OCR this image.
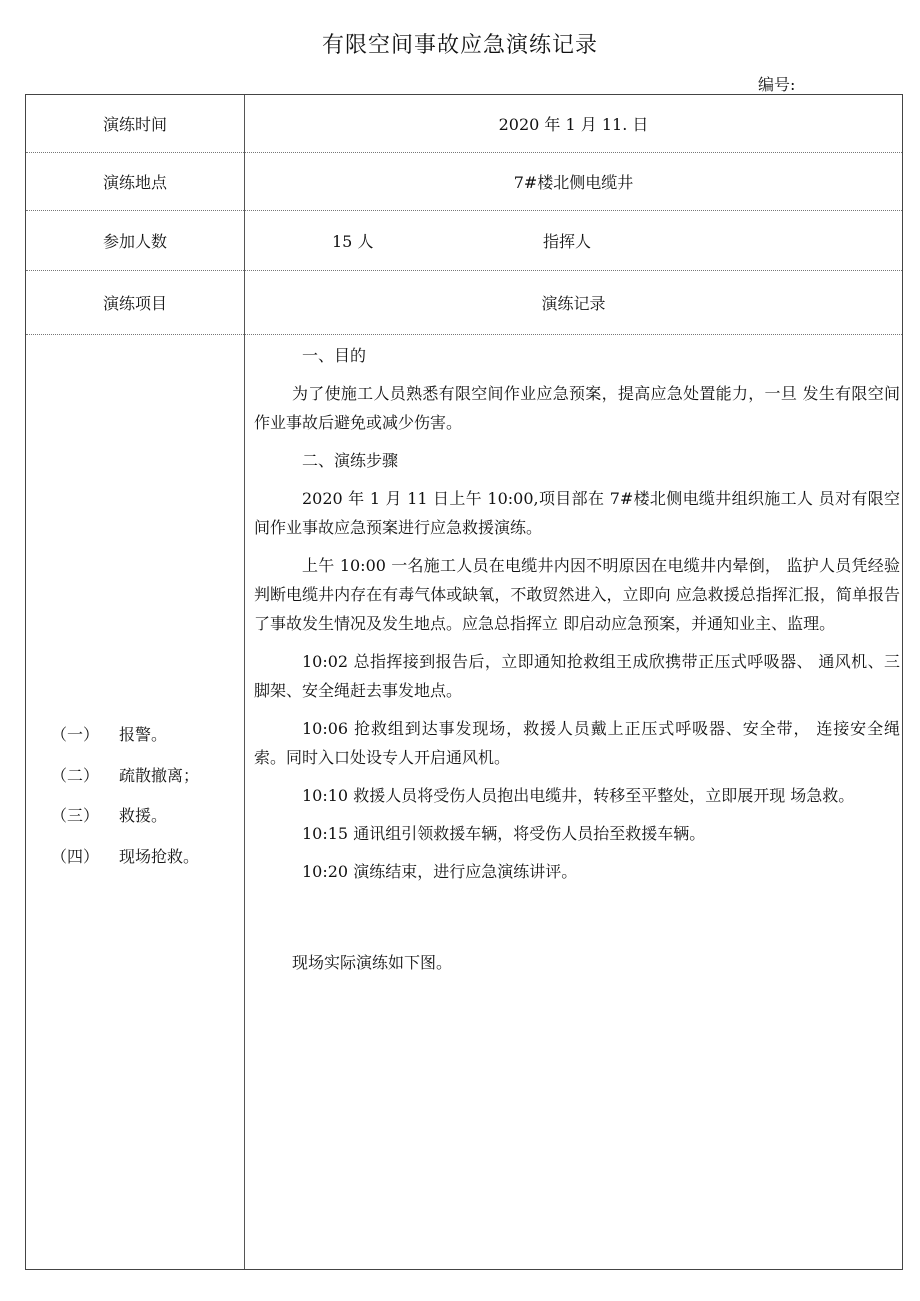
有限空间事故应急演练记录
编号:
演练时间	2020 年 1 月 11. 日
演练地点	7#楼北侧电缆井
参加人数	15 人	指挥人
演练项目	演练记录
（一）	报警。
（二）	疏散撤离；
（三）	救援。
（四）	现场抢救。

一、目的

为了使施工人员熟悉有限空间作业应急预案，提高应急处置能力，一旦 发生有限空间作业事故后避免或减少伤害。

二、演练步骤

2020 年 1 月 11 日上午 10:00,项目部在 7#楼北侧电缆井组织施工人 员对有限空间作业事故应急预案进行应急救援演练。

上午 10:00 一名施工人员在电缆井内因不明原因在电缆井内晕倒， 监护人员凭经验判断电缆井内存在有毒气体或缺氧，不敢贸然进入，立即向 应急救援总指挥汇报，简单报告了事故发生情况及发生地点。应急总指挥立 即启动应急预案，并通知业主、监理。

10:02 总指挥接到报告后，立即通知抢救组王成欣携带正压式呼吸器、 通风机、三脚架、安全绳赶去事发地点。

10:06 抢救组到达事发现场，救援人员戴上正压式呼吸器、安全带， 连接安全绳索。同时入口处设专人开启通风机。

10:10 救援人员将受伤人员抱出电缆井，转移至平整处，立即展开现 场急救。

10:15 通讯组引领救援车辆，将受伤人员抬至救援车辆。

10:20 演练结束，进行应急演练讲评。

现场实际演练如下图。
